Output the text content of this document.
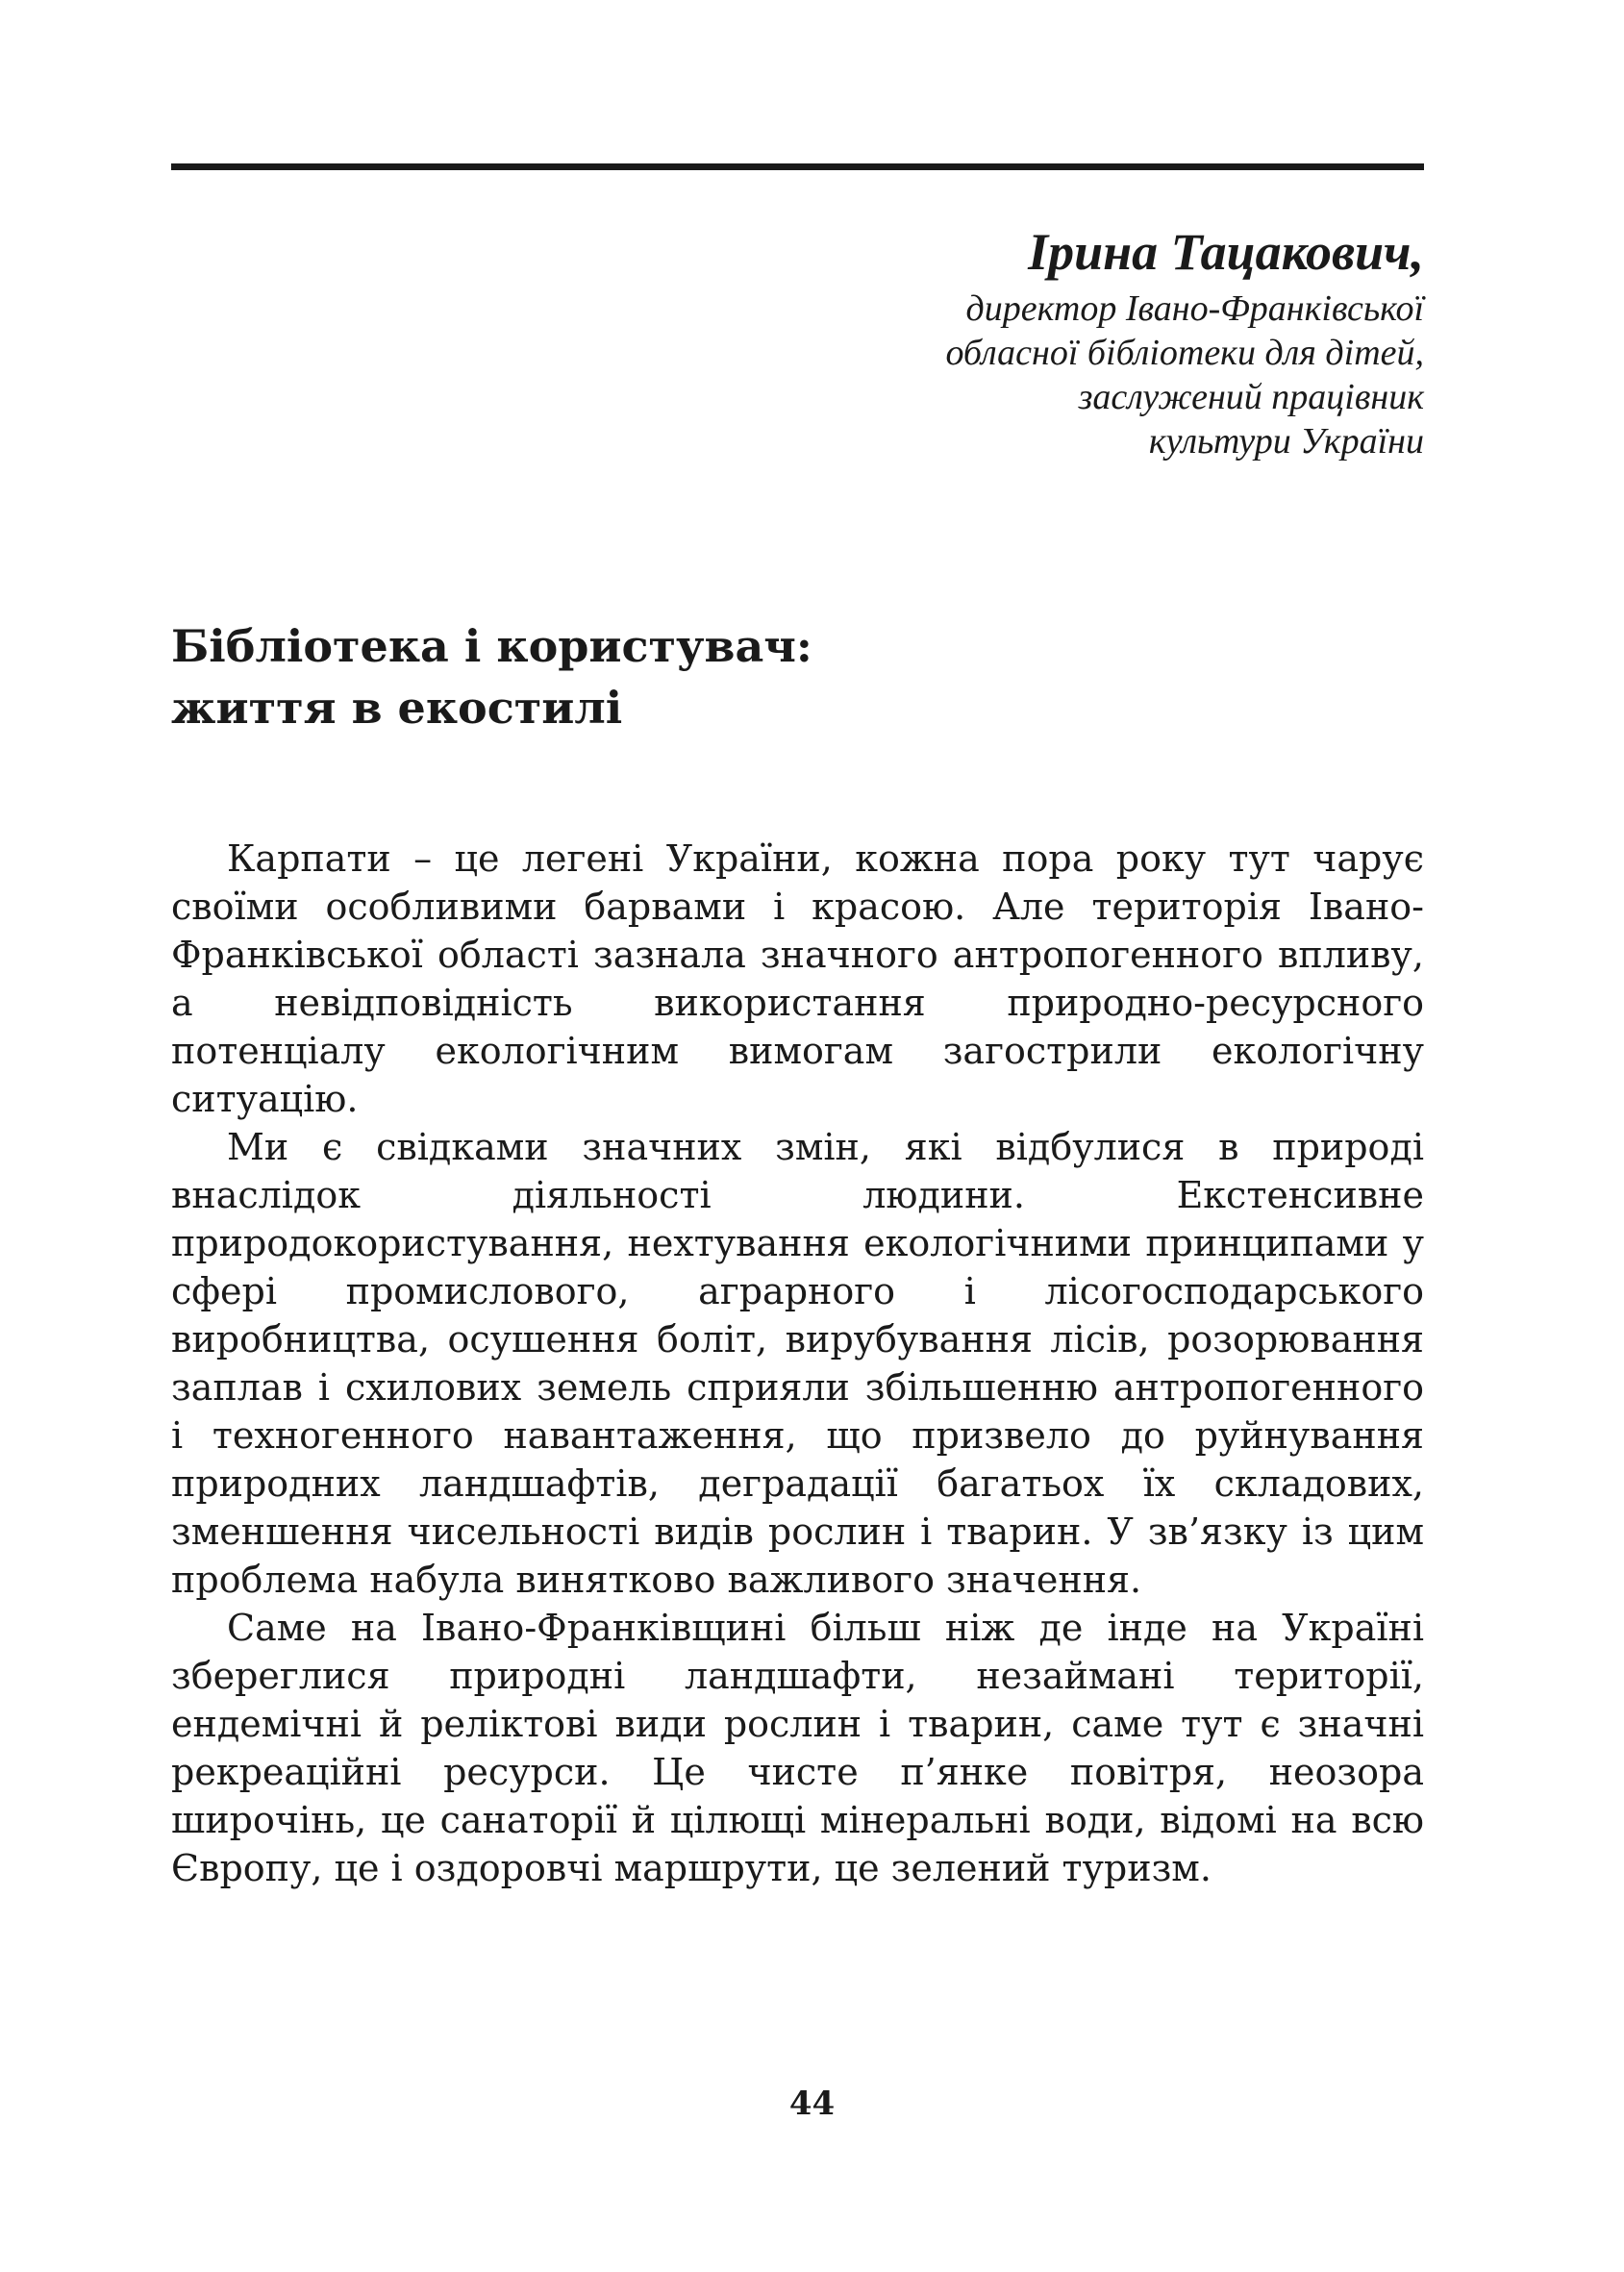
Ірина Тацакович,
директор Івано-Франківської
обласної бібліотеки для дітей,
заслужений працівник
культури України
Бібліотека і користувач:
життя в екостилі

Карпати – це легені України, кожна пора року тут чарує своїми особливими барвами і красою. Але територія Івано-Франківської області зазнала значного антропогенного впливу, а невідповідність використання природно-ресурсного потенціалу екологічним вимогам загострили екологічну ситуацію.

Ми є свідками значних змін, які відбулися в природі внаслідок діяльності людини. Екстенсивне природокористування, нехтування екологічними принципами у сфері промислового, аграрного і лісогосподарського виробництва, осушення боліт, вирубування лісів, розорювання заплав і схилових земель сприяли збільшенню антропогенного і техногенного навантаження, що призвело до руйнування природних ландшафтів, деградації багатьох їх складових, зменшення чисельності видів рослин і тварин. У зв’язку із цим проблема набула винятково важливого значення.

Саме на Івано-Франківщині більш ніж де інде на Україні збереглися природні ландшафти, незаймані території, ендемічні й реліктові види рослин і тварин, саме тут є значні рекреаційні ресурси. Це чисте п’янке повітря, неозора широчінь, це санаторії й цілющі мінеральні води, відомі на всю Європу, це і оздоровчі маршрути, це зелений туризм.

44
